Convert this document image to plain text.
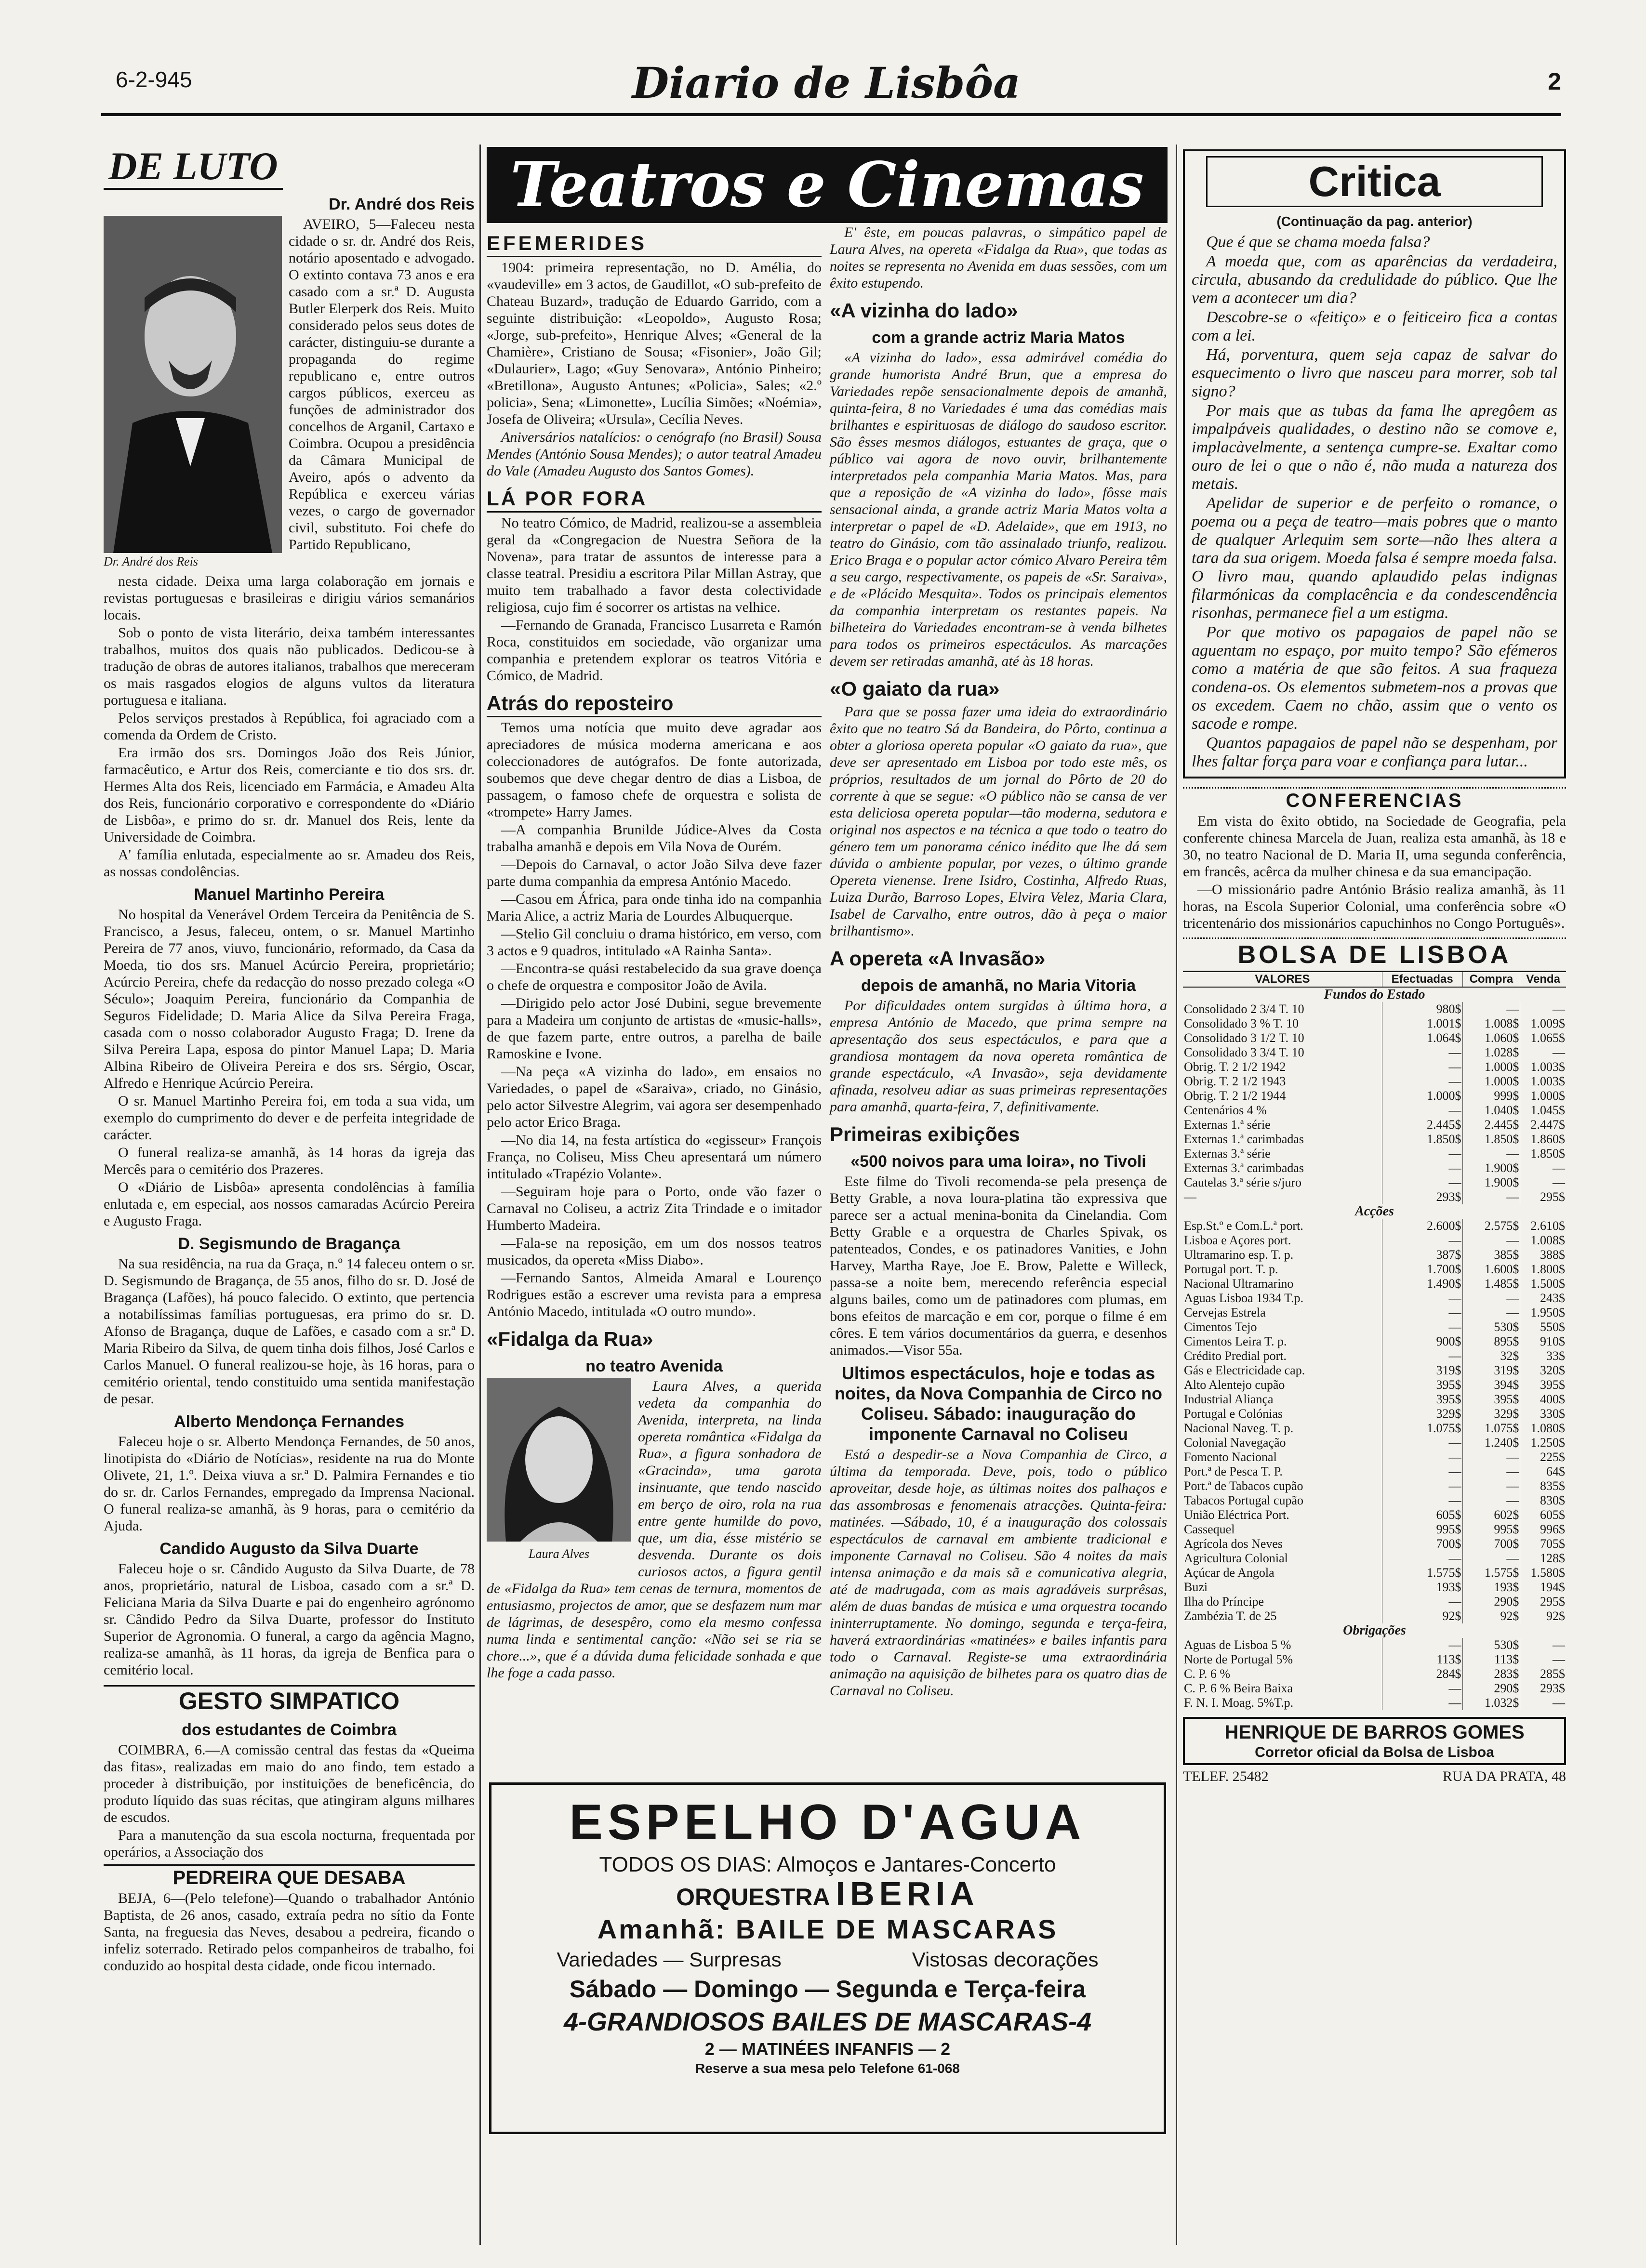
6-2-945	Diario de Lisbôa	2
DE LUTO
Dr. André dos Reis
Dr. André dos Reis

AVEIRO, 5—Faleceu nesta cidade o sr. dr. André dos Reis, notário aposentado e advogado. O extinto contava 73 anos e era casado com a sr.ª D. Augusta Butler Elerperk dos Reis. Muito considerado pelos seus dotes de carácter, distinguiu-se durante a propaganda do regime republicano e, entre outros cargos públicos, exerceu as funções de administrador dos concelhos de Arganil, Cartaxo e Coimbra. Ocupou a presidência da Câmara Municipal de Aveiro, após o advento da República e exerceu várias vezes, o cargo de governador civil, substituto. Foi chefe do Partido Republicano,

nesta cidade. Deixa uma larga colaboração em jornais e revistas portuguesas e brasileiras e dirigiu vários semanários locais.

Sob o ponto de vista literário, deixa também interessantes trabalhos, muitos dos quais não publicados. Dedicou-se à tradução de obras de autores italianos, trabalhos que mereceram os mais rasgados elogios de alguns vultos da literatura portuguesa e italiana.

Pelos serviços prestados à República, foi agraciado com a comenda da Ordem de Cristo.

Era irmão dos srs. Domingos João dos Reis Júnior, farmacêutico, e Artur dos Reis, comerciante e tio dos srs. dr. Hermes Alta dos Reis, licenciado em Farmácia, e Amadeu Alta dos Reis, funcionário corporativo e correspondente do «Diário de Lisbôa», e primo do sr. dr. Manuel dos Reis, lente da Universidade de Coimbra.

A' família enlutada, especialmente ao sr. Amadeu dos Reis, as nossas condolências.

Manuel Martinho Pereira

No hospital da Venerável Ordem Terceira da Penitência de S. Francisco, a Jesus, faleceu, ontem, o sr. Manuel Martinho Pereira de 77 anos, viuvo, funcionário, reformado, da Casa da Moeda, tio dos srs. Manuel Acúrcio Pereira, proprietário; Acúrcio Pereira, chefe da redacção do nosso prezado colega «O Século»; Joaquim Pereira, funcionário da Companhia de Seguros Fidelidade; D. Maria Alice da Silva Pereira Fraga, casada com o nosso colaborador Augusto Fraga; D. Irene da Silva Pereira Lapa, esposa do pintor Manuel Lapa; D. Maria Albina Ribeiro de Oliveira Pereira e dos srs. Sérgio, Oscar, Alfredo e Henrique Acúrcio Pereira.

O sr. Manuel Martinho Pereira foi, em toda a sua vida, um exemplo do cumprimento do dever e de perfeita integridade de carácter.

O funeral realiza-se amanhã, às 14 horas da igreja das Mercês para o cemitério dos Prazeres.

O «Diário de Lisbôa» apresenta condolências à família enlutada e, em especial, aos nossos camaradas Acúrcio Pereira e Augusto Fraga.

D. Segismundo de Bragança

Na sua residência, na rua da Graça, n.º 14 faleceu ontem o sr. D. Segismundo de Bragança, de 55 anos, filho do sr. D. José de Bragança (Lafões), há pouco falecido. O extinto, que pertencia a notabilíssimas famílias portuguesas, era primo do sr. D. Afonso de Bragança, duque de Lafões, e casado com a sr.ª D. Maria Ribeiro da Silva, de quem tinha dois filhos, José Carlos e Carlos Manuel. O funeral realizou-se hoje, às 16 horas, para o cemitério oriental, tendo constituido uma sentida manifestação de pesar.

Alberto Mendonça Fernandes

Faleceu hoje o sr. Alberto Mendonça Fernandes, de 50 anos, linotipista do «Diário de Notícias», residente na rua do Monte Olivete, 21, 1.º. Deixa viuva a sr.ª D. Palmira Fernandes e tio do sr. dr. Carlos Fernandes, empregado da Imprensa Nacional. O funeral realiza-se amanhã, às 9 horas, para o cemitério da Ajuda.

Candido Augusto da Silva Duarte

Faleceu hoje o sr. Cândido Augusto da Silva Duarte, de 78 anos, proprietário, natural de Lisboa, casado com a sr.ª D. Feliciana Maria da Silva Duarte e pai do engenheiro agrónomo sr. Cândido Pedro da Silva Duarte, professor do Instituto Superior de Agronomia. O funeral, a cargo da agência Magno, realiza-se amanhã, às 11 horas, da igreja de Benfica para o cemitério local.

GESTO SIMPATICO
dos estudantes de Coimbra

COIMBRA, 6.—A comissão central das festas da «Queima das fitas», realizadas em maio do ano findo, tem estado a proceder à distribuição, por instituições de beneficência, do produto líquido das suas récitas, que atingiram alguns milhares de escudos.

Para a manutenção da sua escola nocturna, frequentada por operários, a Associação dos

PEDREIRA QUE DESABA

BEJA, 6—(Pelo telefone)—Quando o trabalhador António Baptista, de 26 anos, casado, extraía pedra no sítio da Fonte Santa, na freguesia das Neves, desabou a pedreira, ficando o infeliz soterrado. Retirado pelos companheiros de trabalho, foi conduzido ao hospital desta cidade, onde ficou internado.

Teatros e Cinemas
EFEMERIDES

1904: primeira representação, no D. Amélia, do «vaudeville» em 3 actos, de Gaudillot, «O sub-prefeito de Chateau Buzard», tradução de Eduardo Garrido, com a seguinte distribuição: «Leopoldo», Augusto Rosa; «Jorge, sub-prefeito», Henrique Alves; «General de la Chamière», Cristiano de Sousa; «Fisonier», João Gil; «Dulaurier», Lago; «Guy Senovara», António Pinheiro; «Bretillona», Augusto Antunes; «Policia», Sales; «2.º policia», Sena; «Limonette», Lucília Simões; «Noémia», Josefa de Oliveira; «Ursula», Cecília Neves.

Aniversários natalícios: o cenógrafo (no Brasil) Sousa Mendes (António Sousa Mendes); o autor teatral Amadeu do Vale (Amadeu Augusto dos Santos Gomes).

LÁ POR FORA

No teatro Cómico, de Madrid, realizou-se a assembleia geral da «Congregacion de Nuestra Señora de la Novena», para tratar de assuntos de interesse para a classe teatral. Presidiu a escritora Pilar Millan Astray, que muito tem trabalhado a favor desta colectividade religiosa, cujo fim é socorrer os artistas na velhice.

—Fernando de Granada, Francisco Lusarreta e Ramón Roca, constituidos em sociedade, vão organizar uma companhia e pretendem explorar os teatros Vitória e Cómico, de Madrid.

Atrás do reposteiro

Temos uma notícia que muito deve agradar aos apreciadores de música moderna americana e aos coleccionadores de autógrafos. De fonte autorizada, soubemos que deve chegar dentro de dias a Lisboa, de passagem, o famoso chefe de orquestra e solista de «trompete» Harry James.

—A companhia Brunilde Júdice-Alves da Costa trabalha amanhã e depois em Vila Nova de Ourém.

—Depois do Carnaval, o actor João Silva deve fazer parte duma companhia da empresa António Macedo.

—Casou em África, para onde tinha ido na companhia Maria Alice, a actriz Maria de Lourdes Albuquerque.

—Stelio Gil concluiu o drama histórico, em verso, com 3 actos e 9 quadros, intitulado «A Rainha Santa».

—Encontra-se quási restabelecido da sua grave doença o chefe de orquestra e compositor João de Avila.

—Dirigido pelo actor José Dubini, segue brevemente para a Madeira um conjunto de artistas de «music-halls», de que fazem parte, entre outros, a parelha de baile Ramoskine e Ivone.

—Na peça «A vizinha do lado», em ensaios no Variedades, o papel de «Saraiva», criado, no Ginásio, pelo actor Silvestre Alegrim, vai agora ser desempenhado pelo actor Erico Braga.

—No dia 14, na festa artística do «egisseur» François França, no Coliseu, Miss Cheu apresentará um número intitulado «Trapézio Volante».

—Seguiram hoje para o Porto, onde vão fazer o Carnaval no Coliseu, a actriz Zita Trindade e o imitador Humberto Madeira.

—Fala-se na reposição, em um dos nossos teatros musicados, da opereta «Miss Diabo».

—Fernando Santos, Almeida Amaral e Lourenço Rodrigues estão a escrever uma revista para a empresa António Macedo, intitulada «O outro mundo».

«Fidalga da Rua»
no teatro Avenida
Laura Alves

Laura Alves, a querida vedeta da companhia do Avenida, interpreta, na linda opereta romântica «Fidalga da Rua», a figura sonhadora de «Gracinda», uma garota insinuante, que tendo nascido em berço de oiro, rola na rua entre gente humilde do povo, que, um dia, ésse mistério se desvenda. Durante os dois curiosos actos, a figura gentil de «Fidalga da Rua» tem cenas de ternura, momentos de entusiasmo, projectos de amor, que se desfazem num mar de lágrimas, de desespêro, como ela mesmo confessa numa linda e sentimental canção: «Não sei se ria se chore...», que é a dúvida duma felicidade sonhada e que lhe foge a cada passo.

E' êste, em poucas palavras, o simpático papel de Laura Alves, na opereta «Fidalga da Rua», que todas as noites se representa no Avenida em duas sessões, com um êxito estupendo.

«A vizinha do lado»
com a grande actriz Maria Matos

«A vizinha do lado», essa admirável comédia do grande humorista André Brun, que a empresa do Variedades repõe sensacionalmente depois de amanhã, quinta-feira, 8 no Variedades é uma das comédias mais brilhantes e espirituosas de diálogo do saudoso escritor. São êsses mesmos diálogos, estuantes de graça, que o público vai agora de novo ouvir, brilhantemente interpretados pela companhia Maria Matos. Mas, para que a reposição de «A vizinha do lado», fôsse mais sensacional ainda, a grande actriz Maria Matos volta a interpretar o papel de «D. Adelaide», que em 1913, no teatro do Ginásio, com tão assinalado triunfo, realizou. Erico Braga e o popular actor cómico Alvaro Pereira têm a seu cargo, respectivamente, os papeis de «Sr. Saraiva», e de «Plácido Mesquita». Todos os principais elementos da companhia interpretam os restantes papeis. Na bilheteira do Variedades encontram-se à venda bilhetes para todos os primeiros espectáculos. As marcações devem ser retiradas amanhã, até às 18 horas.

«O gaiato da rua»

Para que se possa fazer uma ideia do extraordinário êxito que no teatro Sá da Bandeira, do Pôrto, continua a obter a gloriosa opereta popular «O gaiato da rua», que deve ser apresentado em Lisboa por todo este mês, os próprios, resultados de um jornal do Pôrto de 20 do corrente à que se segue: «O público não se cansa de ver esta deliciosa opereta popular—tão moderna, sedutora e original nos aspectos e na técnica a que todo o teatro do género tem um panorama cénico inédito que lhe dá sem dúvida o ambiente popular, por vezes, o último grande Opereta vienense. Irene Isidro, Costinha, Alfredo Ruas, Luiza Durão, Barroso Lopes, Elvira Velez, Maria Clara, Isabel de Carvalho, entre outros, dão à peça o maior brilhantismo».

A opereta «A Invasão»
depois de amanhã, no Maria Vitoria

Por dificuldades ontem surgidas à última hora, a empresa António de Macedo, que prima sempre na apresentação dos seus espectáculos, e para que a grandiosa montagem da nova opereta romântica de grande espectáculo, «A Invasão», seja devidamente afinada, resolveu adiar as suas primeiras representações para amanhã, quarta-feira, 7, definitivamente.

Primeiras exibições
«500 noivos para uma loira», no Tivoli

Este filme do Tivoli recomenda-se pela presença de Betty Grable, a nova loura-platina tão expressiva que parece ser a actual menina-bonita da Cinelandia. Com Betty Grable e a orquestra de Charles Spivak, os patenteados, Condes, e os patinadores Vanities, e John Harvey, Martha Raye, Joe E. Brow, Palette e Willeck, passa-se a noite bem, merecendo referência especial alguns bailes, como um de patinadores com plumas, em bons efeitos de marcação e em cor, porque o filme é em côres. E tem vários documentários da guerra, e desenhos animados.—Visor 55a.

Ultimos espectáculos, hoje e todas as noites, da Nova Companhia de Circo no Coliseu. Sábado: inauguração do imponente Carnaval no Coliseu

Está a despedir-se a Nova Companhia de Circo, a última da temporada. Deve, pois, todo o público aproveitar, desde hoje, as últimas noites dos palhaços e das assombrosas e fenomenais atracções. Quinta-feira: matinées. —Sábado, 10, é a inauguração dos colossais espectáculos de carnaval em ambiente tradicional e imponente Carnaval no Coliseu. São 4 noites da mais intensa animação e da mais sã e comunicativa alegria, até de madrugada, com as mais agradáveis surprêsas, além de duas bandas de música e uma orquestra tocando ininterruptamente. No domingo, segunda e terça-feira, haverá extraordinárias «matinées» e bailes infantis para todo o Carnaval. Registe-se uma extraordinária animação na aquisição de bilhetes para os quatro dias de Carnaval no Coliseu.

ESPELHO D'AGUA
TODOS OS DIAS: Almoços e Jantares-Concerto
ORQUESTRA IBERIA
Amanhã: BAILE DE MASCARAS
Variedades — Surpresas	Vistosas decorações
Sábado — Domingo — Segunda e Terça-feira
4-GRANDIOSOS BAILES DE MASCARAS-4
2 — MATINÉES INFANFIS — 2
Reserve a sua mesa pelo Telefone 61-068
Critica
(Continuação da pag. anterior)

Que é que se chama moeda falsa?

A moeda que, com as aparências da verdadeira, circula, abusando da credulidade do público. Que lhe vem a acontecer um dia?

Descobre-se o «feitiço» e o feiticeiro fica a contas com a lei.

Há, porventura, quem seja capaz de salvar do esquecimento o livro que nasceu para morrer, sob tal signo?

Por mais que as tubas da fama lhe apregôem as impalpáveis qualidades, o destino não se comove e, implacàvelmente, a sentença cumpre-se. Exaltar como ouro de lei o que o não é, não muda a natureza dos metais.

Apelidar de superior e de perfeito o romance, o poema ou a peça de teatro—mais pobres que o manto de qualquer Arlequim sem sorte—não lhes altera a tara da sua origem. Moeda falsa é sempre moeda falsa. O livro mau, quando aplaudido pelas indignas filarmónicas da complacência e da condescendência risonhas, permanece fiel a um estigma.

Por que motivo os papagaios de papel não se aguentam no espaço, por muito tempo? São efémeros como a matéria de que são feitos. A sua fraqueza condena-os. Os elementos submetem-nos a provas que os excedem. Caem no chão, assim que o vento os sacode e rompe.

Quantos papagaios de papel não se despenham, por lhes faltar força para voar e confiança para lutar...

CONFERENCIAS

Em vista do êxito obtido, na Sociedade de Geografia, pela conferente chinesa Marcela de Juan, realiza esta amanhã, às 18 e 30, no teatro Nacional de D. Maria II, uma segunda conferência, em francês, acêrca da mulher chinesa e da sua emancipação.

—O missionário padre António Brásio realiza amanhã, às 11 horas, na Escola Superior Colonial, uma conferência sobre «O tricentenário dos missionários capuchinhos no Congo Português».

BOLSA DE LISBOA
VALORES	Efectuadas	Compra	Venda
Fundos do Estado			
Consolidado 2 3/4 T. 10	980$	—	—
Consolidado 3 % T. 10	1.001$	1.008$	1.009$
Consolidado 3 1/2 T. 10	1.064$	1.060$	1.065$
Consolidado 3 3/4 T. 10	—	1.028$	—
Obrig. T. 2 1/2 1942	—	1.000$	1.003$
Obrig. T. 2 1/2 1943	—	1.000$	1.003$
Obrig. T. 2 1/2 1944	1.000$	999$	1.000$
Centenários 4 %	—	1.040$	1.045$
Externas 1.ª série	2.445$	2.445$	2.447$
Externas 1.ª carimbadas	1.850$	1.850$	1.860$
Externas 3.ª série	—	—	1.850$
Externas 3.ª carimbadas	—	1.900$	—
Cautelas 3.ª série s/juro	—	1.900$	—
—	293$	—	295$
Acções			
Esp.St.º e Com.L.ª port.	2.600$	2.575$	2.610$
Lisboa e Açores port.	—	—	1.008$
Ultramarino esp. T. p.	387$	385$	388$
Portugal port. T. p.	1.700$	1.600$	1.800$
Nacional Ultramarino	1.490$	1.485$	1.500$
Aguas Lisboa 1934 T.p.	—	—	243$
Cervejas Estrela	—	—	1.950$
Cimentos Tejo	—	530$	550$
Cimentos Leira T. p.	900$	895$	910$
Crédito Predial port.	—	32$	33$
Gás e Electricidade cap.	319$	319$	320$
Alto Alentejo cupão	395$	394$	395$
Industrial Aliança	395$	395$	400$
Portugal e Colónias	329$	329$	330$
Nacional Naveg. T. p.	1.075$	1.075$	1.080$
Colonial Navegação	—	1.240$	1.250$
Fomento Nacional	—	—	225$
Port.ª de Pesca T. P.	—	—	64$
Port.ª de Tabacos cupão	—	—	835$
Tabacos Portugal cupão	—	—	830$
União Eléctrica Port.	605$	602$	605$
Cassequel	995$	995$	996$
Agrícola dos Neves	700$	700$	705$
Agricultura Colonial	—	—	128$
Açúcar de Angola	1.575$	1.575$	1.580$
Buzi	193$	193$	194$
Ilha do Príncipe	—	290$	295$
Zambézia T. de 25	92$	92$	92$
Obrigações			
Aguas de Lisboa 5 %	—	530$	—
Norte de Portugal 5%	113$	113$	—
C. P. 6 %	284$	283$	285$
C. P. 6 % Beira Baixa	—	290$	293$
F. N. I. Moag. 5%T.p.	—	1.032$	—
HENRIQUE DE BARROS GOMES
Corretor oficial da Bolsa de Lisboa
TELEF. 25482	RUA DA PRATA, 48
